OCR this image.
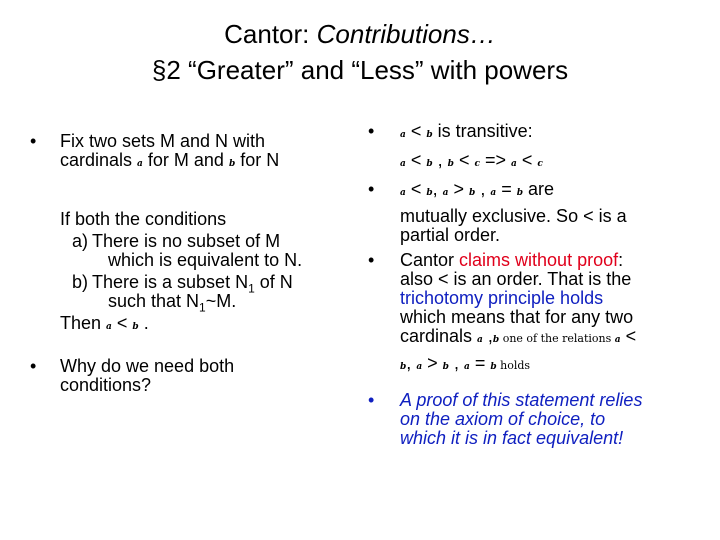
Cantor: Contributions…
§2 “Greater” and “Less” with powers
• Fix two sets M and N with
cardinals a for M and b for N
If both the conditions
a) There is no subset of M
which is equivalent to N.
b) There is a subset $N_1$ of N
such that $N_1\sim M$.
Then a < b .
• Why do we need both
conditions?
•	a < b is transitive:
a < b , b < c => a < c
•	a < b, a > b , a = b are
mutually exclusive. So < is a
partial order.
• Cantor claims without proof:
also < is an order. That is the
trichotomy principle holds
which means that for any two
cardinals a ,b one of the relations a <
b, a > b , a = b holds
• A proof of this statement relies
on the axiom of choice, to
which it is in fact equivalent!
